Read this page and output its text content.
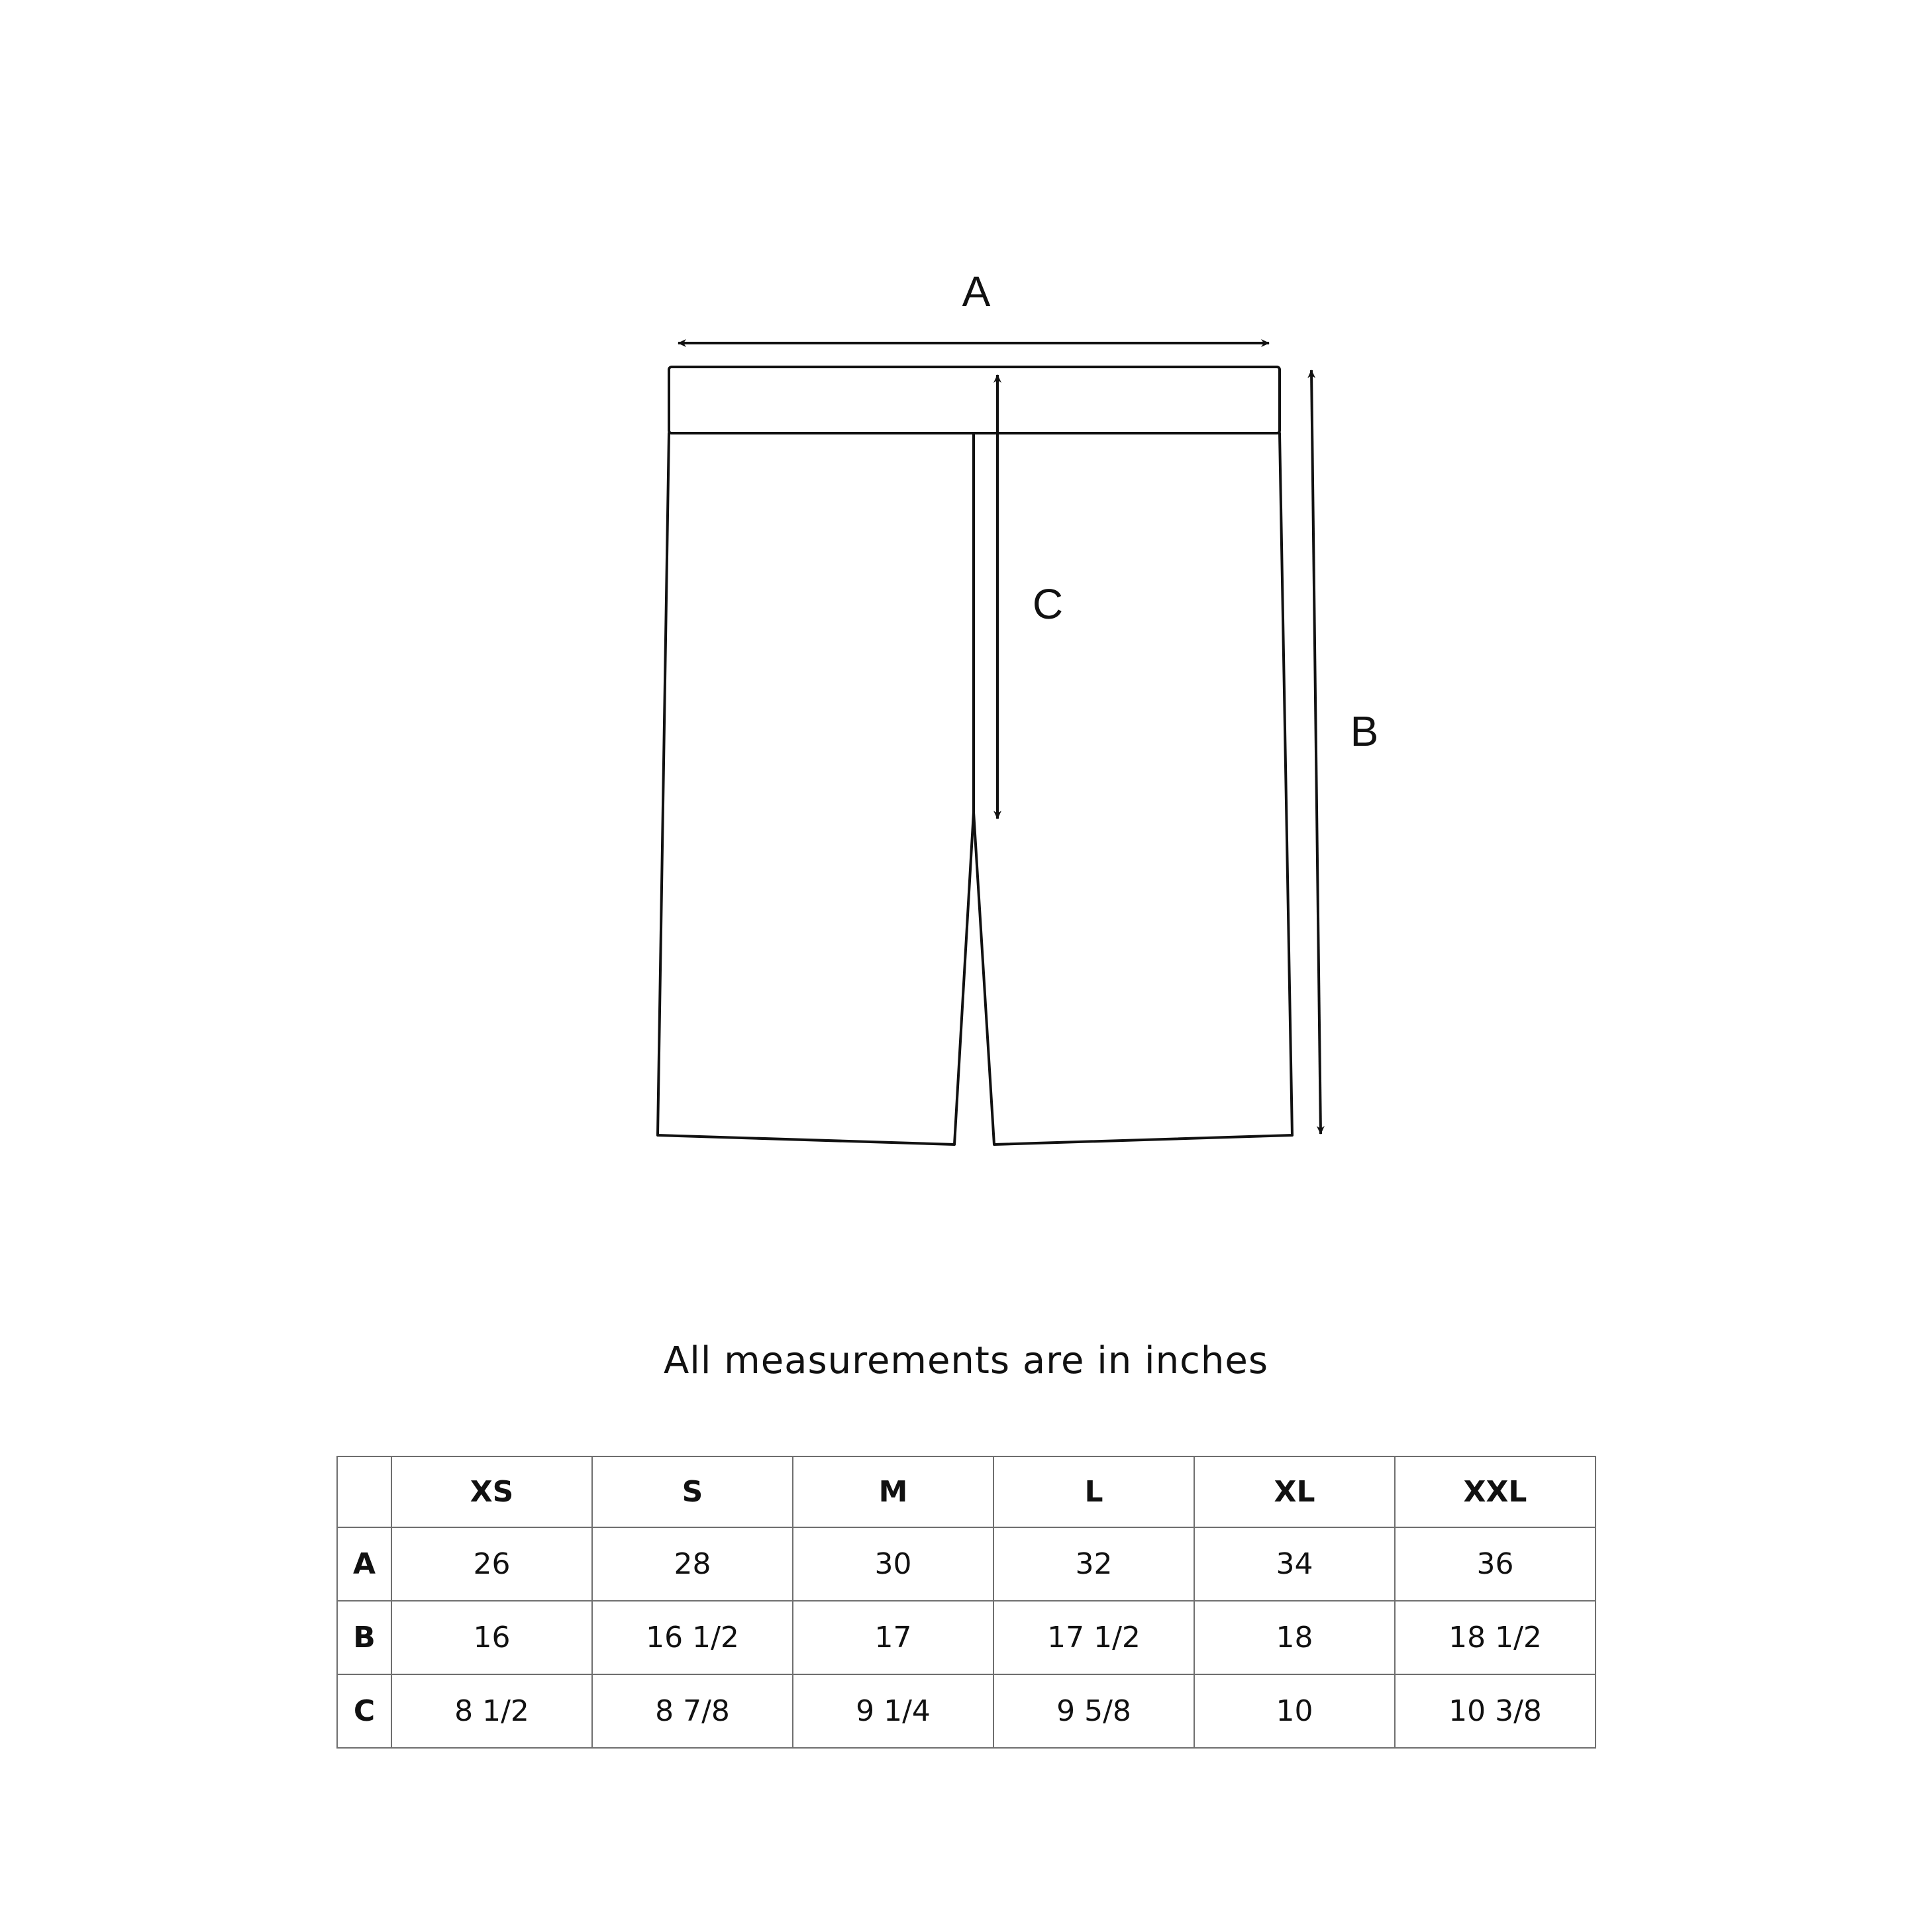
A
B
C
All measurements are in inches
	XS	S	M	L	XL	XXL
A	26	28	30	32	34	36
B	16	16 1/2	17	17 1/2	18	18 1/2
C	8 1/2	8 7/8	9 1/4	9 5/8	10	10 3/8
